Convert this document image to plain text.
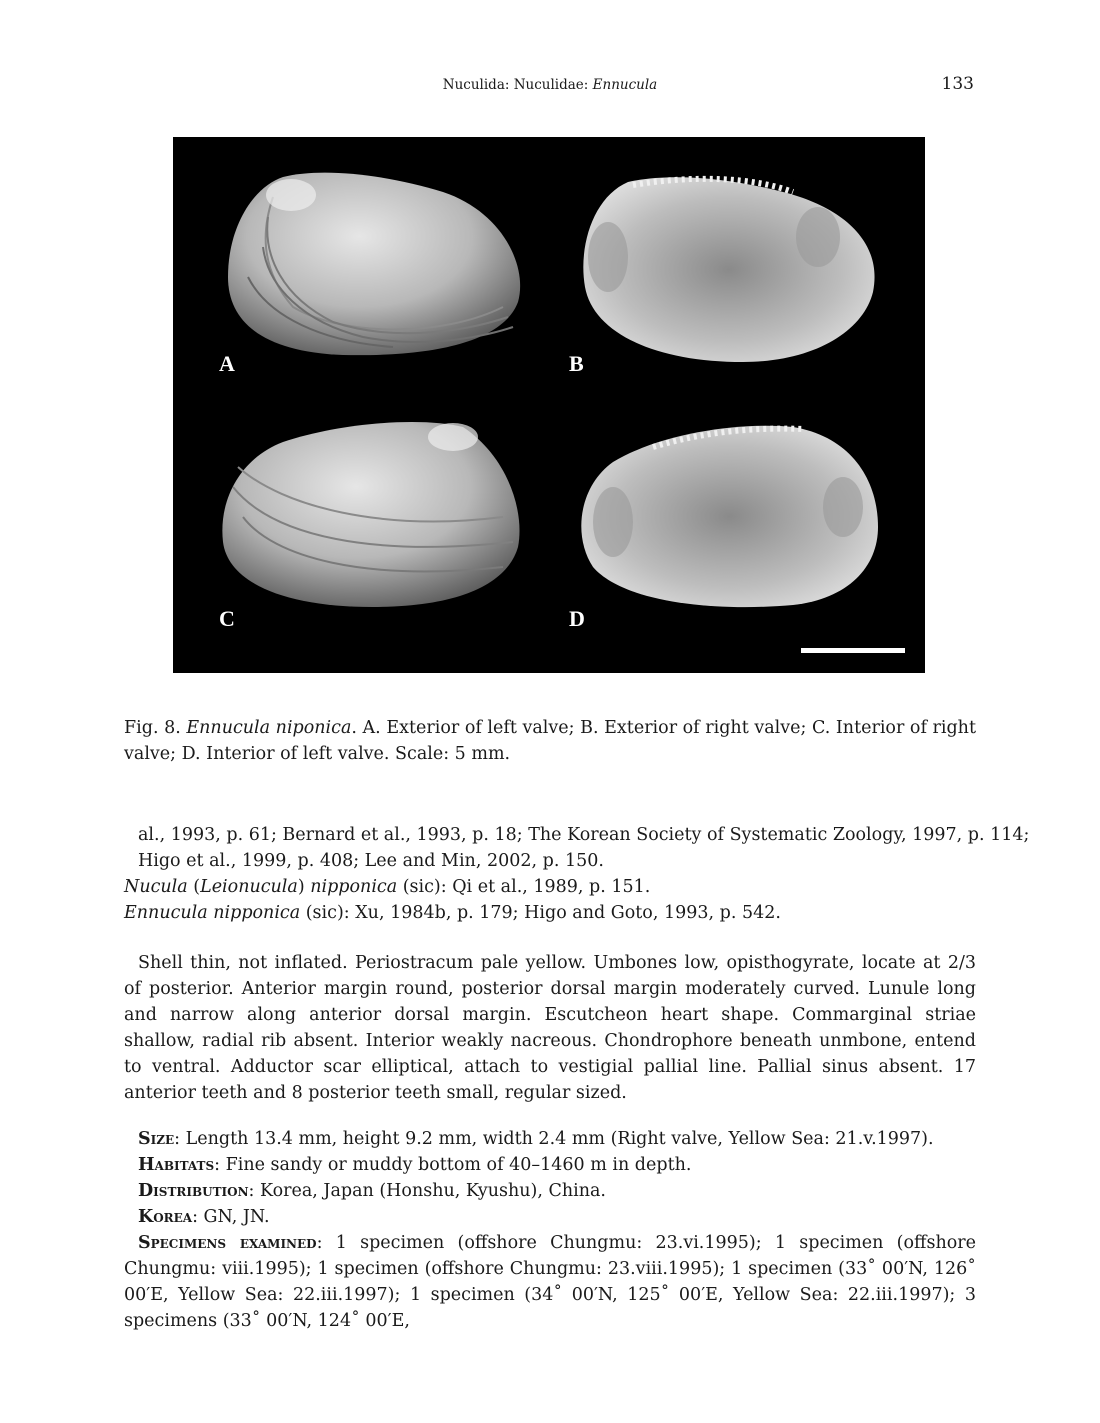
Nuculida: Nuculidae: Ennucula	133
A	B
C	D
Fig. 8. Ennucula niponica. A. Exterior of left valve; B. Exterior of right valve; C. Interior of right valve; D. Interior of left valve. Scale: 5 mm.
al., 1993, p. 61; Bernard et al., 1993, p. 18; The Korean Society of Systematic Zoology, 1997, p. 114;
Higo et al., 1999, p. 408; Lee and Min, 2002, p. 150.
Nucula (Leionucula) nipponica (sic): Qi et al., 1989, p. 151.
Ennucula nipponica (sic): Xu, 1984b, p. 179; Higo and Goto, 1993, p. 542.
Shell thin, not inflated. Periostracum pale yellow. Umbones low, opisthogyrate, locate at 2/3 of posterior. Anterior margin round, posterior dorsal margin moderately curved. Lunule long and narrow along anterior dorsal margin. Escutcheon heart shape. Commarginal striae shallow, radial rib absent. Interior weakly nacreous. Chondrophore beneath unmbone, entend to ventral. Adductor scar elliptical, attach to vestigial pallial line. Pallial sinus absent. 17 anterior teeth and 8 posterior teeth small, regular sized.
Size: Length 13.4 mm, height 9.2 mm, width 2.4 mm (Right valve, Yellow Sea: 21.v.1997).
Habitats: Fine sandy or muddy bottom of 40–1460 m in depth.
Distribution: Korea, Japan (Honshu, Kyushu), China.
Korea: GN, JN.
Specimens examined: 1 specimen (offshore Chungmu: 23.vi.1995); 1 specimen (offshore Chungmu: viii.1995); 1 specimen (offshore Chungmu: 23.viii.1995); 1 specimen (33˚ 00′N, 126˚ 00′E, Yellow Sea: 22.iii.1997); 1 specimen (34˚ 00′N, 125˚ 00′E, Yellow Sea: 22.iii.1997); 3 specimens (33˚ 00′N, 124˚ 00′E,
